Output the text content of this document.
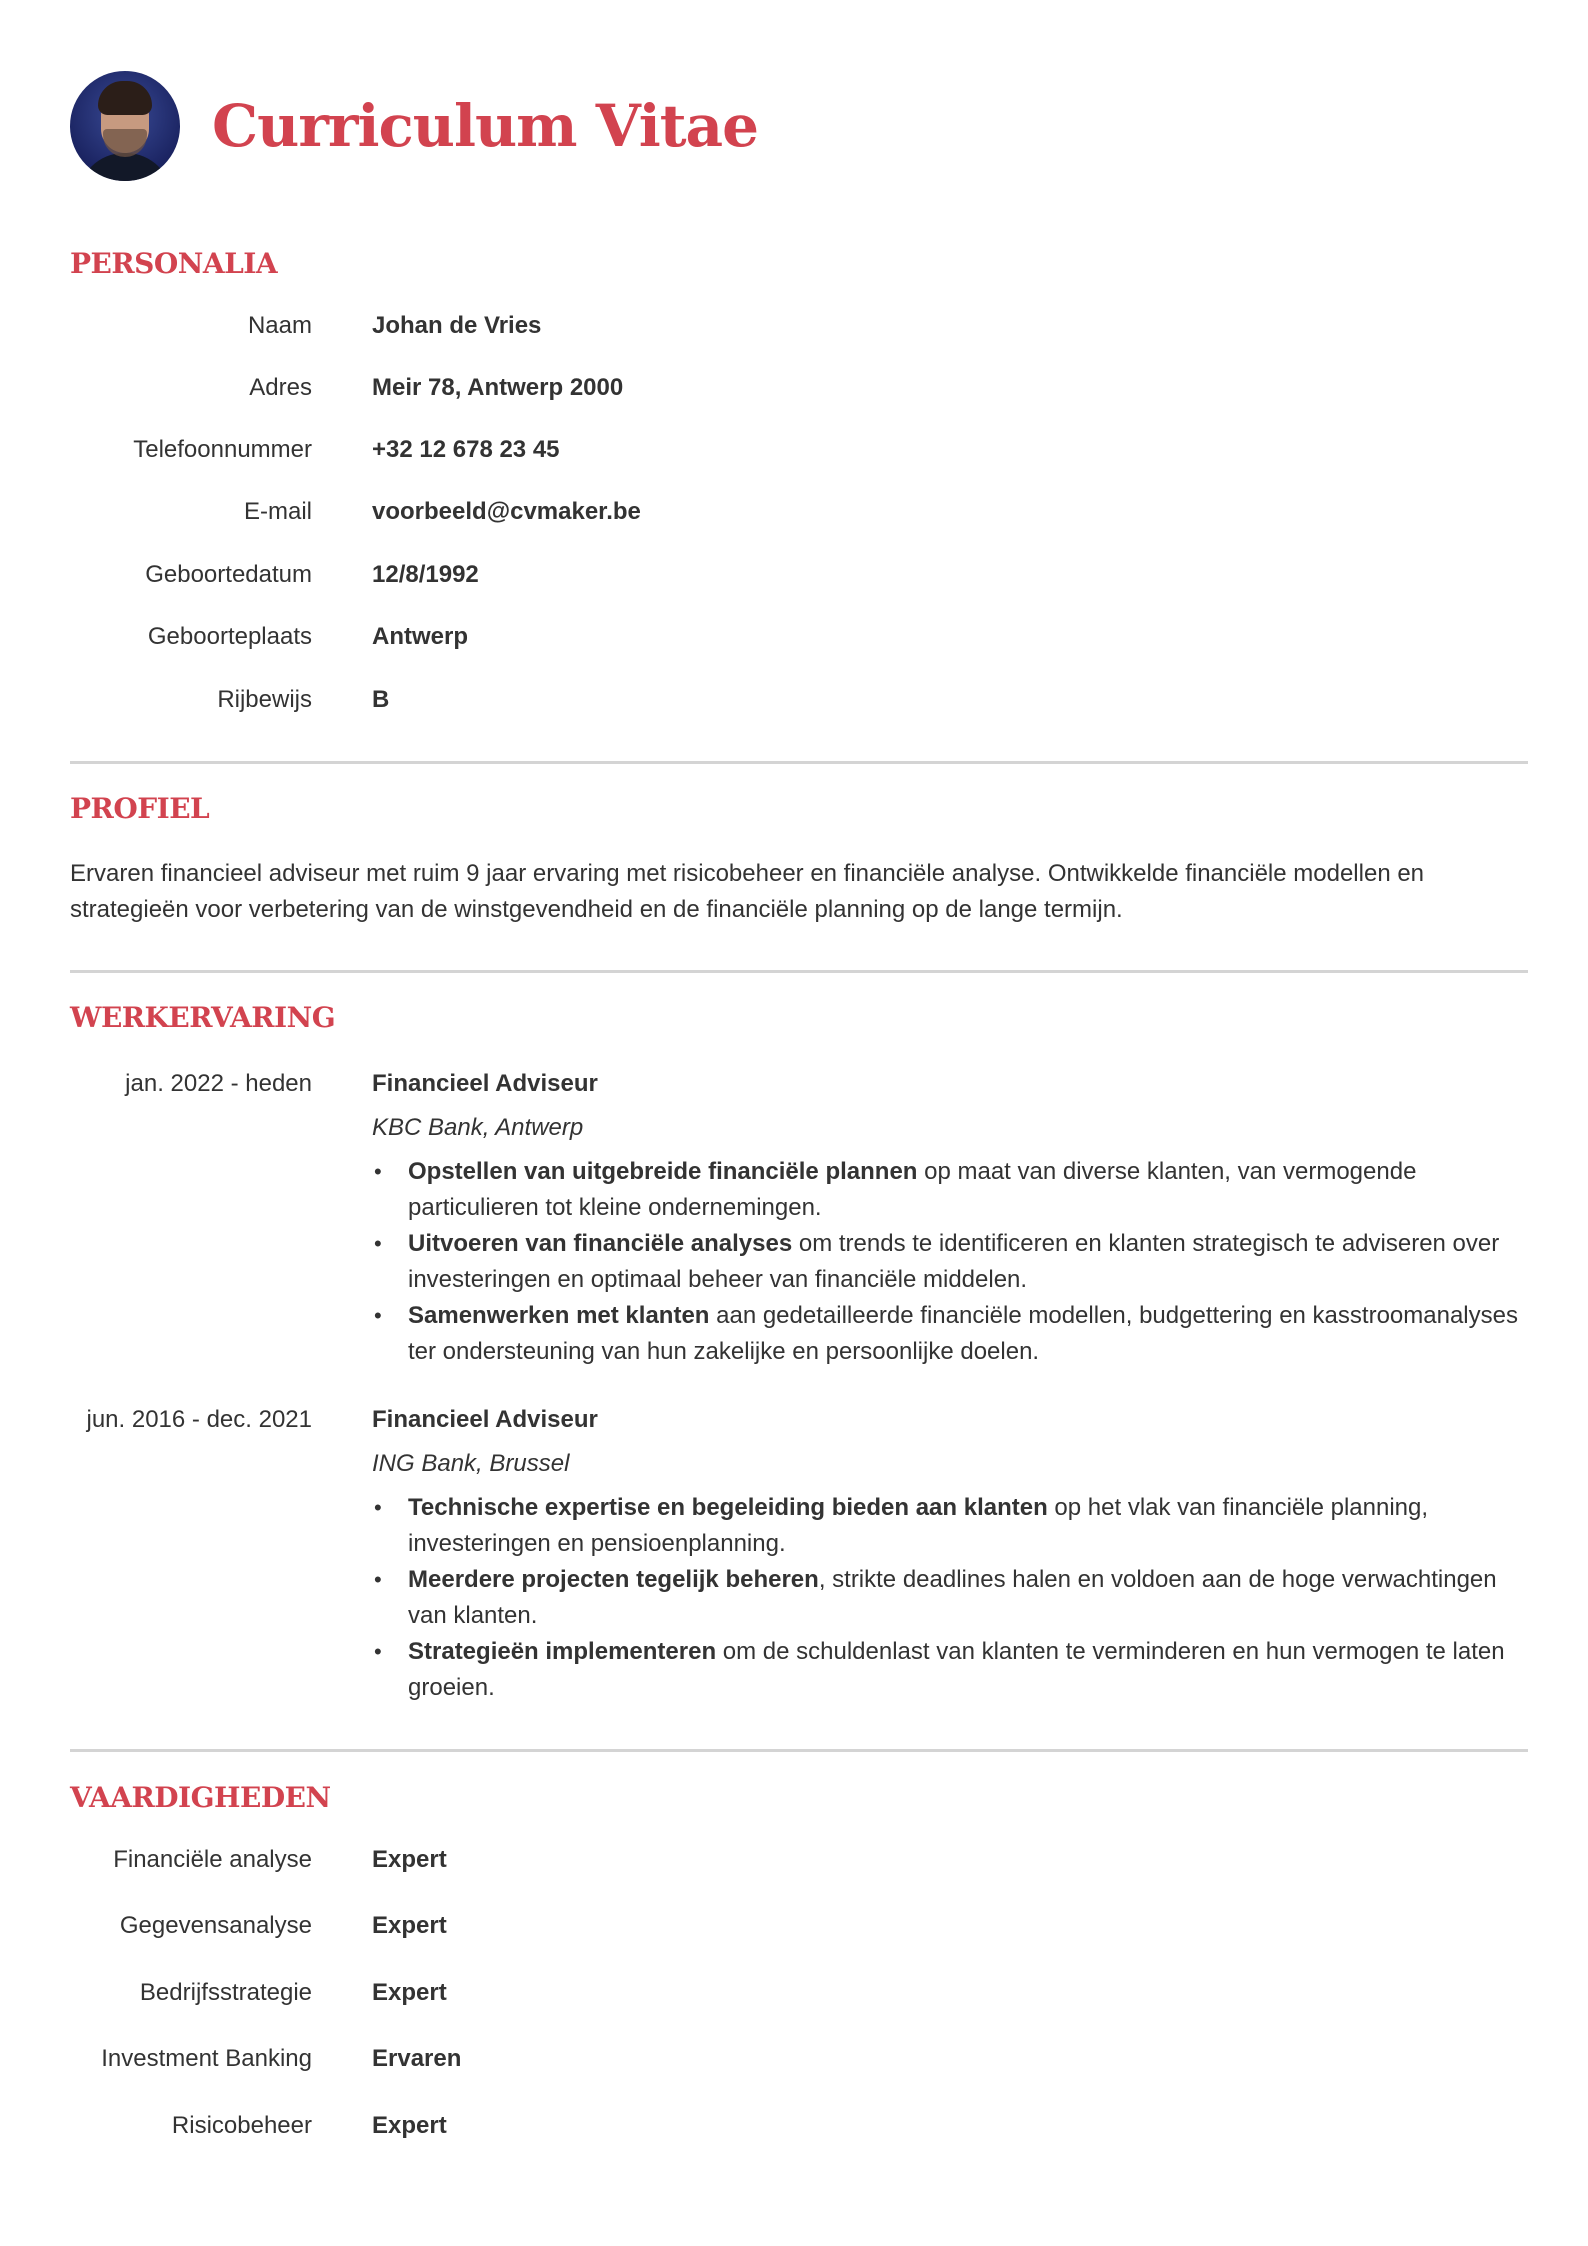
Curriculum Vitae
PERSONALIA
Naam	Johan de Vries
Adres	Meir 78, Antwerp 2000
Telefoonnummer	+32 12 678 23 45
E-mail	voorbeeld@cvmaker.be
Geboortedatum	12/8/1992
Geboorteplaats	Antwerp
Rijbewijs	B
PROFIEL

Ervaren financieel adviseur met ruim 9 jaar ervaring met risicobeheer en financiële analyse. Ontwikkelde financiële modellen en strategieën voor verbetering van de winstgevendheid en de financiële planning op de lange termijn.

WERKERVARING
jan. 2022 - heden	Financieel Adviseur
KBC Bank, Antwerp
• Opstellen van uitgebreide financiële plannen op maat van diverse klanten, van vermogende particulieren tot kleine ondernemingen.
• Uitvoeren van financiële analyses om trends te identificeren en klanten strategisch te adviseren over investeringen en optimaal beheer van financiële middelen.
• Samenwerken met klanten aan gedetailleerde financiële modellen, budgettering en kasstroomanalyses ter ondersteuning van hun zakelijke en persoonlijke doelen.
jun. 2016 - dec. 2021	Financieel Adviseur
ING Bank, Brussel
• Technische expertise en begeleiding bieden aan klanten op het vlak van financiële planning, investeringen en pensioenplanning.
• Meerdere projecten tegelijk beheren, strikte deadlines halen en voldoen aan de hoge verwachtingen van klanten.
• Strategieën implementeren om de schuldenlast van klanten te verminderen en hun vermogen te laten groeien.
VAARDIGHEDEN
Financiële analyse	Expert
Gegevensanalyse	Expert
Bedrijfsstrategie	Expert
Investment Banking	Ervaren
Risicobeheer	Expert
